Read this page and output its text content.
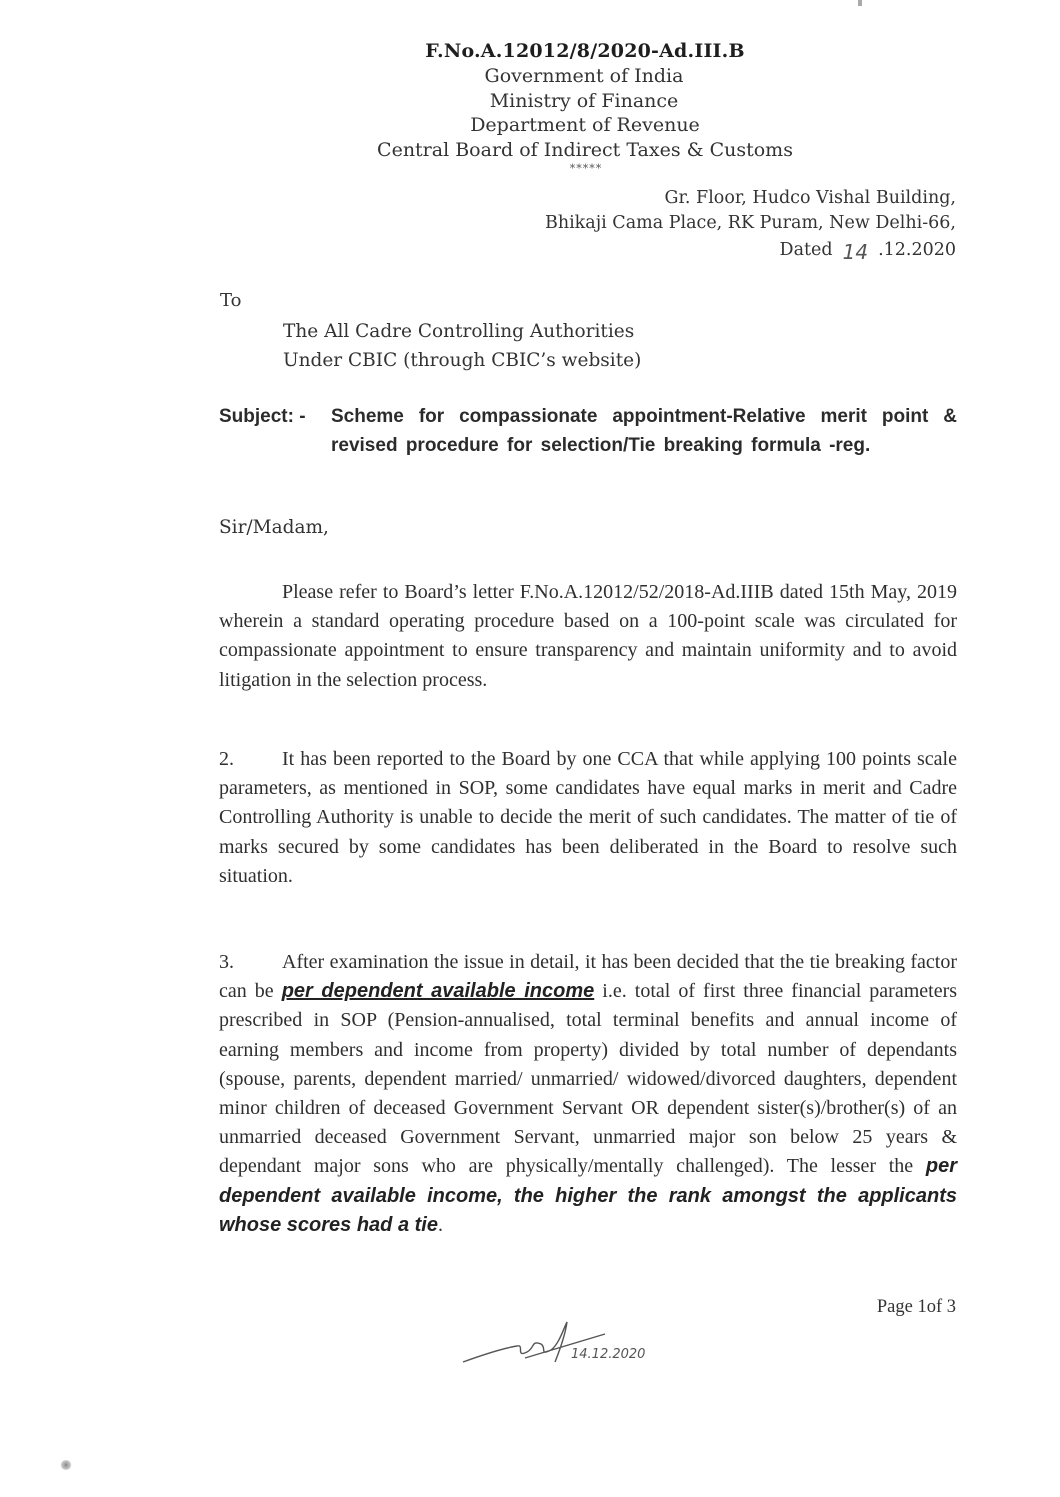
F.No.A.12012/8/2020-Ad.III.B
Government of India
Ministry of Finance
Department of Revenue
Central Board of Indirect Taxes & Customs
*****
Gr. Floor, Hudco Vishal Building,
Bhikaji Cama Place, RK Puram, New Delhi-66,
Dated 14 .12.2020
To
The All Cadre Controlling Authorities
Under CBIC (through CBIC’s website)
Subject: - Scheme for compassionate appointment-Relative merit point & revised procedure for selection/Tie breaking formula -reg.
Sir/Madam,
Please refer to Board’s letter F.No.A.12012/52/2018-Ad.IIIB dated 15th May, 2019 wherein a standard operating procedure based on a 100-point scale was circulated for compassionate appointment to ensure transparency and maintain uniformity and to avoid litigation in the selection process.
2. It has been reported to the Board by one CCA that while applying 100 points scale parameters, as mentioned in SOP, some candidates have equal marks in merit and Cadre Controlling Authority is unable to decide the merit of such candidates. The matter of tie of marks secured by some candidates has been deliberated in the Board to resolve such situation.
3. After examination the issue in detail, it has been decided that the tie breaking factor can be per dependent available income i.e. total of first three financial parameters prescribed in SOP (Pension-annualised, total terminal benefits and annual income of earning members and income from property) divided by total number of dependants (spouse, parents, dependent married/ unmarried/ widowed/divorced daughters, dependent minor children of deceased Government Servant OR dependent sister(s)/brother(s) of an unmarried deceased Government Servant, unmarried major son below 25 years & dependant major sons who are physically/mentally challenged). The lesser the per dependent available income, the higher the rank amongst the applicants whose scores had a tie.
Page 1of 3
14.12.2020
